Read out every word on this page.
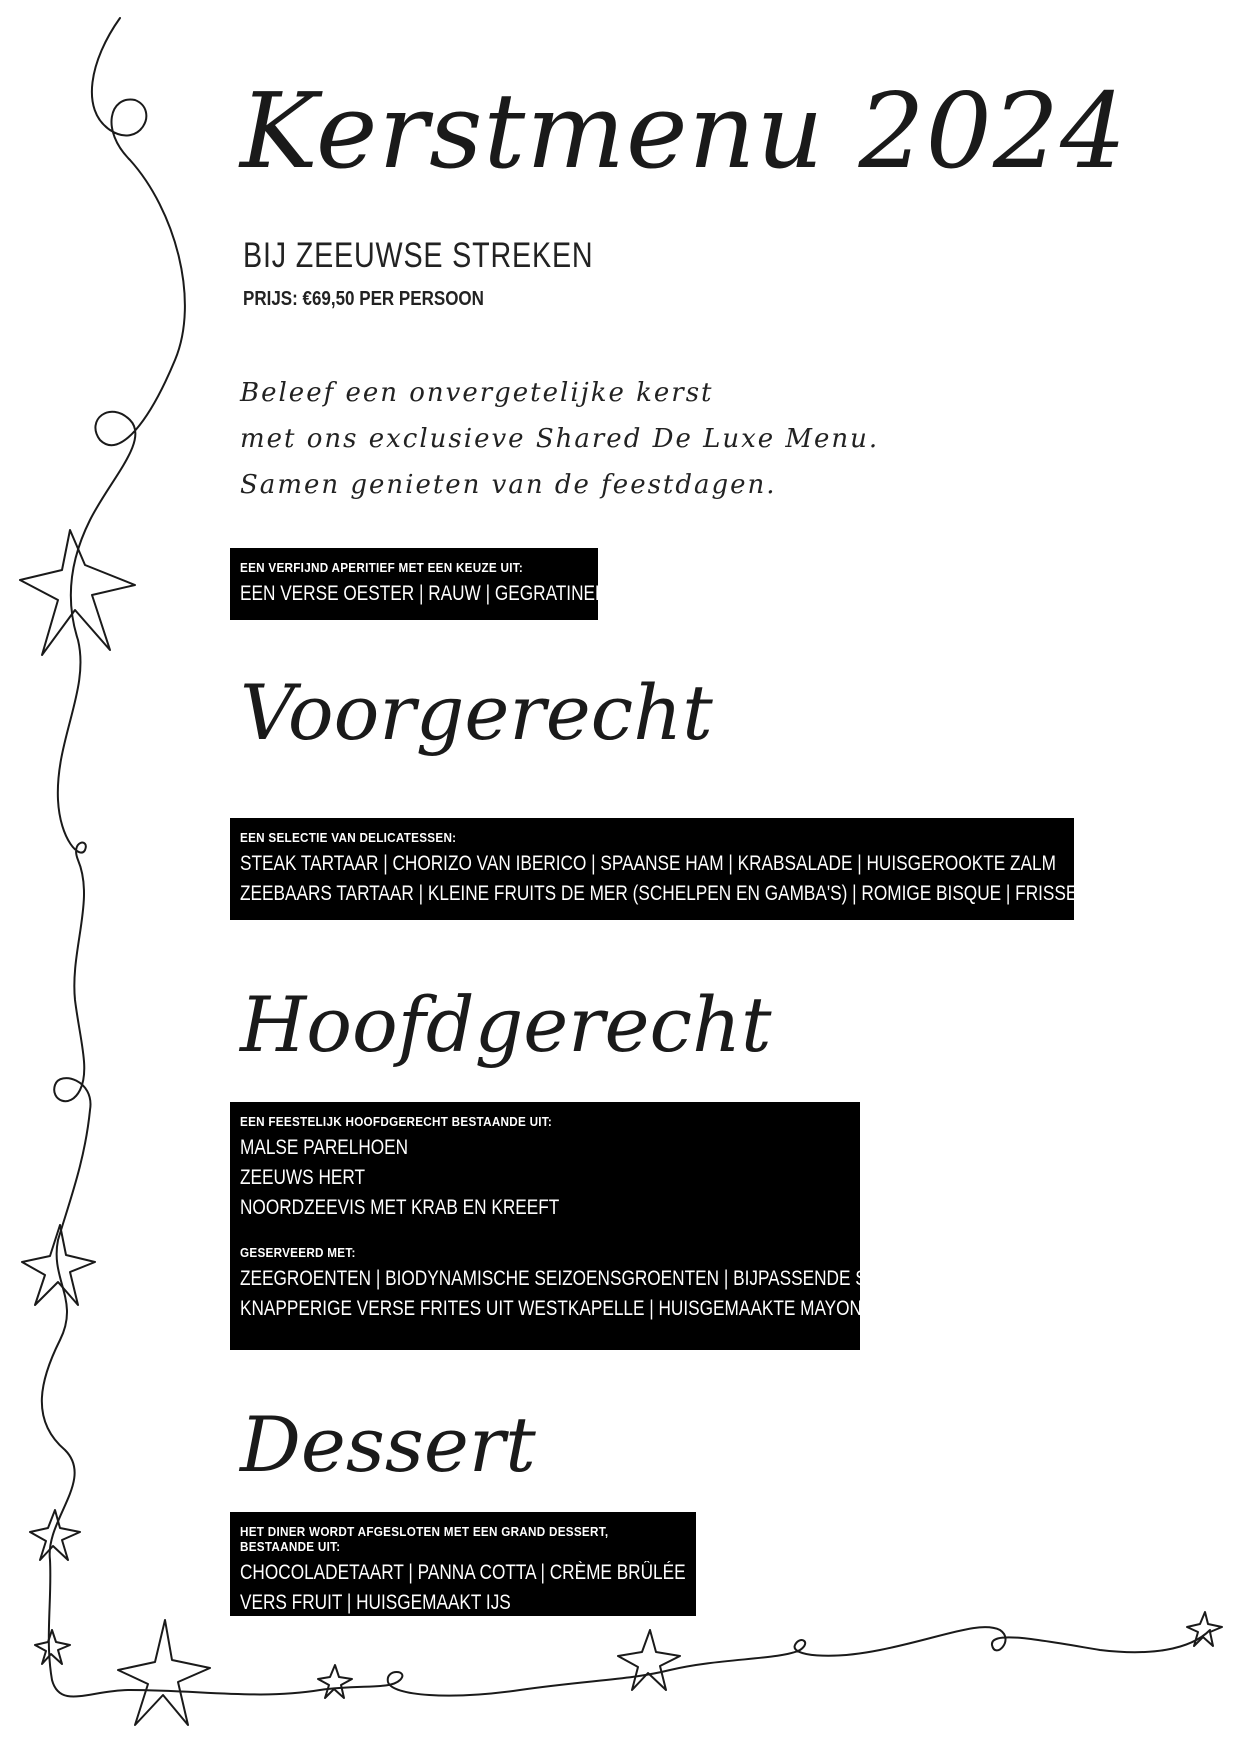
Kerstmenu 2024
BIJ ZEEUWSE STREKEN
PRIJS: €69,50 PER PERSOON
Beleef een onvergetelijke kerst
met ons exclusieve Shared De Luxe Menu.
Samen genieten van de feestdagen.
EEN VERFIJND APERITIEF MET EEN KEUZE UIT:
EEN VERSE OESTER | RAUW | GEGRATINEERD
Voorgerecht
EEN SELECTIE VAN DELICATESSEN:
STEAK TARTAAR | CHORIZO VAN IBERICO | SPAANSE HAM | KRABSALADE | HUISGEROOKTE ZALM
ZEEBAARS TARTAAR | KLEINE FRUITS DE MER (SCHELPEN EN GAMBA'S) | ROMIGE BISQUE | FRISSE SALADE
Hoofdgerecht
EEN FEESTELIJK HOOFDGERECHT BESTAANDE UIT:
MALSE PARELHOEN
ZEEUWS HERT
NOORDZEEVIS MET KRAB EN KREEFT
GESERVEERD MET:
ZEEGROENTEN | BIODYNAMISCHE SEIZOENSGROENTEN | BIJPASSENDE SAUZEN
KNAPPERIGE VERSE FRITES UIT WESTKAPELLE | HUISGEMAAKTE MAYONAISE
Dessert
HET DINER WORDT AFGESLOTEN MET EEN GRAND DESSERT, BESTAANDE UIT:
CHOCOLADETAART | PANNA COTTA | CRÈME BRÛLÉE
VERS FRUIT | HUISGEMAAKT IJS
